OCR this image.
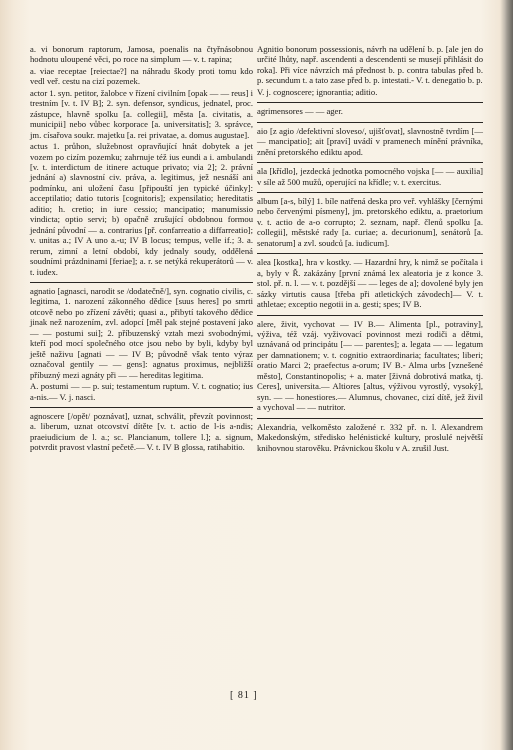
a. vi bonorum raptorum, Jamosa, poenalis na čtyřnásobnou hodnotu uloupené věci, po roce na simplum — v. t. rapina;

a. viae receptae [reiectae?] na náhradu škody proti tomu kdo vedl veř. cestu na cizí pozemek.

actor 1. syn. petitor, žalobce v řízení civilním [opak — — reus] i trestním [v. t. IV B]; 2. syn. defensor, syndicus, jednatel, proc. zástupce, hlavně spolku [a. collegii], města [a. civitatis, a. municipii] nebo vůbec korporace [a. universitatis]; 3. správce, jm. císařova soukr. majetku [a. rei privatae, a. domus augustae].

actus 1. průhon, služebnost opravňující hnát dobytek a jet vozem po cizím pozemku; zahrnuje též ius eundi a i. ambulandi [v. t. interdictum de itinere actuque privato; via 2]; 2. právní jednání a) slavnostní civ. práva, a. legitimus, jež nesnáší ani podmínku, ani uložení času [připouští jen typické účinky]: acceptilatio; datio tutoris [cognitoris]; expensilatio; hereditatis aditio; h. cretio; in iure cessio; mancipatio; manumissio vindicta; optio servi; b) opačně zrušující obdobnou formou jednání původní — a. contrarius [př. confarreatio a diffarreatio]; v. unitas a.; IV A uno a.-u; IV B locus; tempus, velle if.; 3. a. rerum, zimní a letní období, kdy jednaly soudy, oddělená soudními prázdninami [feriae]; a. r. se netýká rekuperátorů — v. t. iudex.

agnatio [agnasci, narodit se /dodatečně/], syn. cognatio civilis, c. legitima, 1. narození zákonného dědice [suus heres] po smrti otcově nebo po zřízení závěti; quasi a., přibytí takového dědice jinak než narozením, zvl. adopcí [měl pak stejné postavení jako — — postumi sui]; 2. příbuzenský vztah mezi svobodnými, kteří pod mocí společného otce jsou nebo by byli, kdyby byl ještě naživu [agnati — — IV B; původně však tento výraz označoval gentily — — gens]: agnatus proximus, nejbližší příbuzný mezi agnáty při — — hereditas legitima.

A. postumi — — p. sui; testamentum ruptum. V. t. cognatio; ius a-nis.— V. j. nasci.

agnoscere [/opět/ poznávat], uznat, schválit, převzít povinnost; a. liberum, uznat otcovství dítěte [v. t. actio de l-is a-ndis; praeiudicium de l. a.; sc. Plancianum, tollere l.]; a. signum, potvrdit pravost vlastní pečetě.— V. t. IV B glossa, ratihabitio.

Agnitio bonorum possessionis, návrh na udělení b. p. [ale jen do určité lhůty, např. ascendenti a descendenti se musejí přihlásit do roka]. Při více návrzích má přednost b. p. contra tabulas před b. p. secundum t. a tato zase před b. p. intestati.- V. t. denegatio b. p.

V. j. cognoscere; ignorantia; aditio.

agrimensores — — ager.

aio [z agio /defektivní sloveso/, ujišťovat], slavnostně tvrdím [— — mancipatio]; ait [praví] uvádí v pramenech mínění právníka, znění pretorského ediktu apod.

ala [křídlo], jezdecká jednotka pomocného vojska [— — auxilia] v síle až 500 mužů, operující na křídle; v. t. exercitus.

album [a-s, bílý] 1. bíle natřená deska pro veř. vyhlášky [černými nebo červenými písmeny], jm. pretorského ediktu, a. praetorium v. t. actio de a-o corrupto; 2. seznam, např. členů spolku [a. collegii], městské rady [a. curiae; a. decurionum], senátorů [a. senatorum] a zvl. soudců [a. iudicum].

alea [kostka], hra v kostky. — Hazardní hry, k nimž se počítala i a, byly v Ř. zakázány [první známá lex aleatoria je z konce 3. stol. př. n. l. — v. t. pozdější — — leges de a]; dovolené byly jen sázky virtutis causa [třeba při atletických závodech]— V. t. athletae; exceptio negotii in a. gesti; spes; IV B.

alere, živit, vychovat — IV B.— Alimenta [pl., potraviny], výživa, též vzáj. vyživovací povinnost mezi rodiči a dětmi, uznávaná od principátu [— — parentes]; a. legata — — legatum per damnationem; v. t. cognitio extraordinaria; facultates; liberi; oratio Marci 2; praefectus a-orum; IV B.- Alma urbs [vznešené město], Constantinopolis; + a. mater [živná dobrotivá matka, tj. Ceres], universita.— Altiores [altus, výživou vyrostlý, vysoký], syn. — — honestiores.— Alumnus, chovanec, cizí dítě, jež živil a vychoval — — nutritor.

Alexandria, velkoměsto založené r. 332 př. n. l. Alexandrem Makedonským, středisko helénistické kultury, proslulé největší knihovnou starověku. Právnickou školu v A. zrušil Just.

[ 81 ]
